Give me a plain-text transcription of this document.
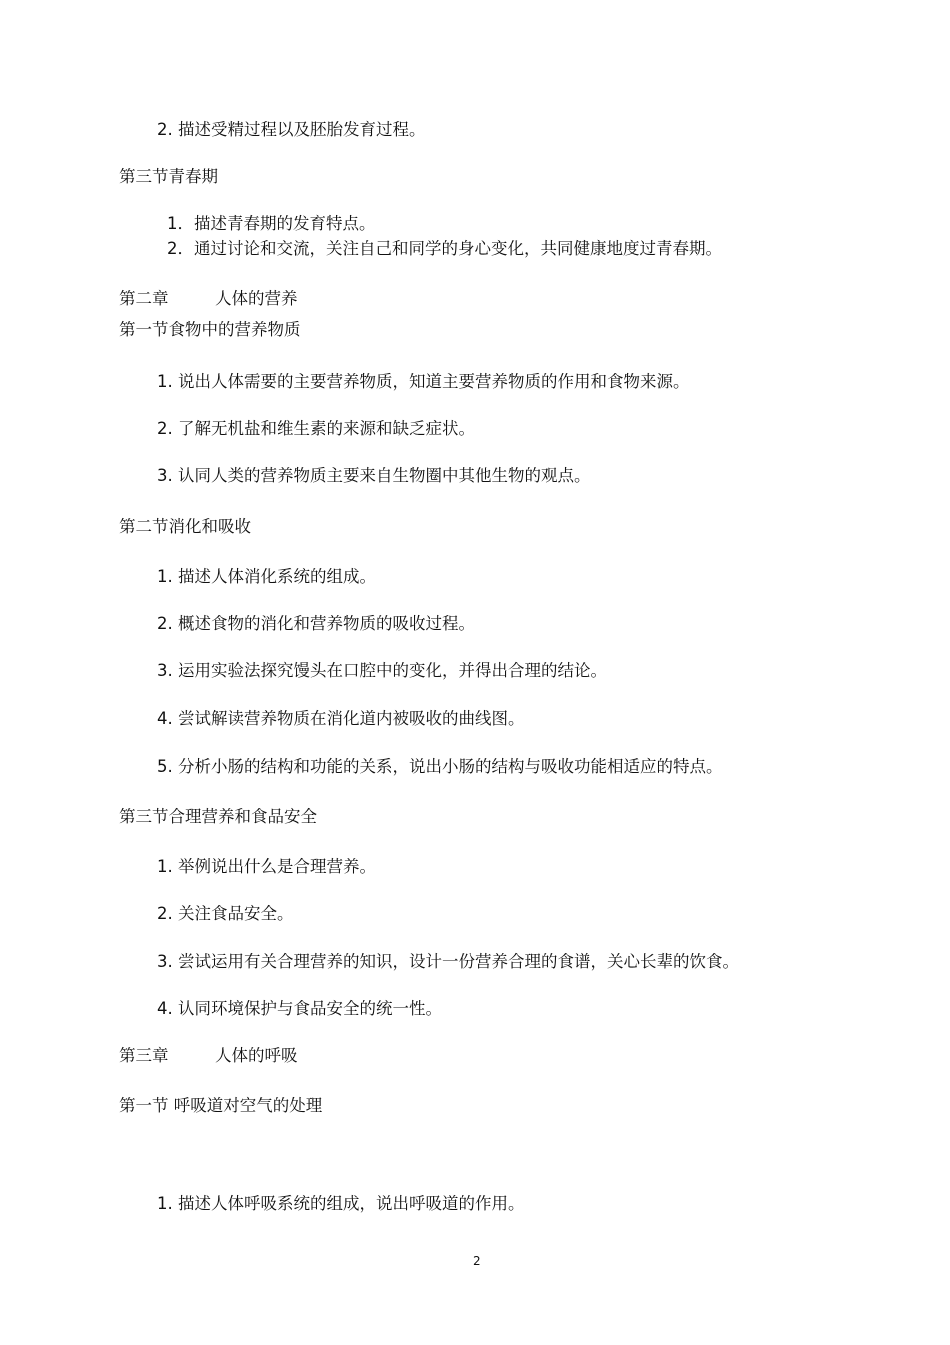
2. 描述受精过程以及胚胎发育过程。
第三节青春期
1．描述青春期的发育特点。
2．通过讨论和交流，关注自己和同学的身心变化，共同健康地度过青春期。
第二章	人体的营养
第一节食物中的营养物质
1. 说出人体需要的主要营养物质，知道主要营养物质的作用和食物来源。
2. 了解无机盐和维生素的来源和缺乏症状。
3. 认同人类的营养物质主要来自生物圈中其他生物的观点。
第二节消化和吸收
1. 描述人体消化系统的组成。
2. 概述食物的消化和营养物质的吸收过程。
3. 运用实验法探究馒头在口腔中的变化，并得出合理的结论。
4. 尝试解读营养物质在消化道内被吸收的曲线图。
5. 分析小肠的结构和功能的关系，说出小肠的结构与吸收功能相适应的特点。
第三节合理营养和食品安全
1. 举例说出什么是合理营养。
2. 关注食品安全。
3. 尝试运用有关合理营养的知识，设计一份营养合理的食谱，关心长辈的饮食。
4. 认同环境保护与食品安全的统一性。
第三章	人体的呼吸
第一节 呼吸道对空气的处理
1. 描述人体呼吸系统的组成，说出呼吸道的作用。
2
